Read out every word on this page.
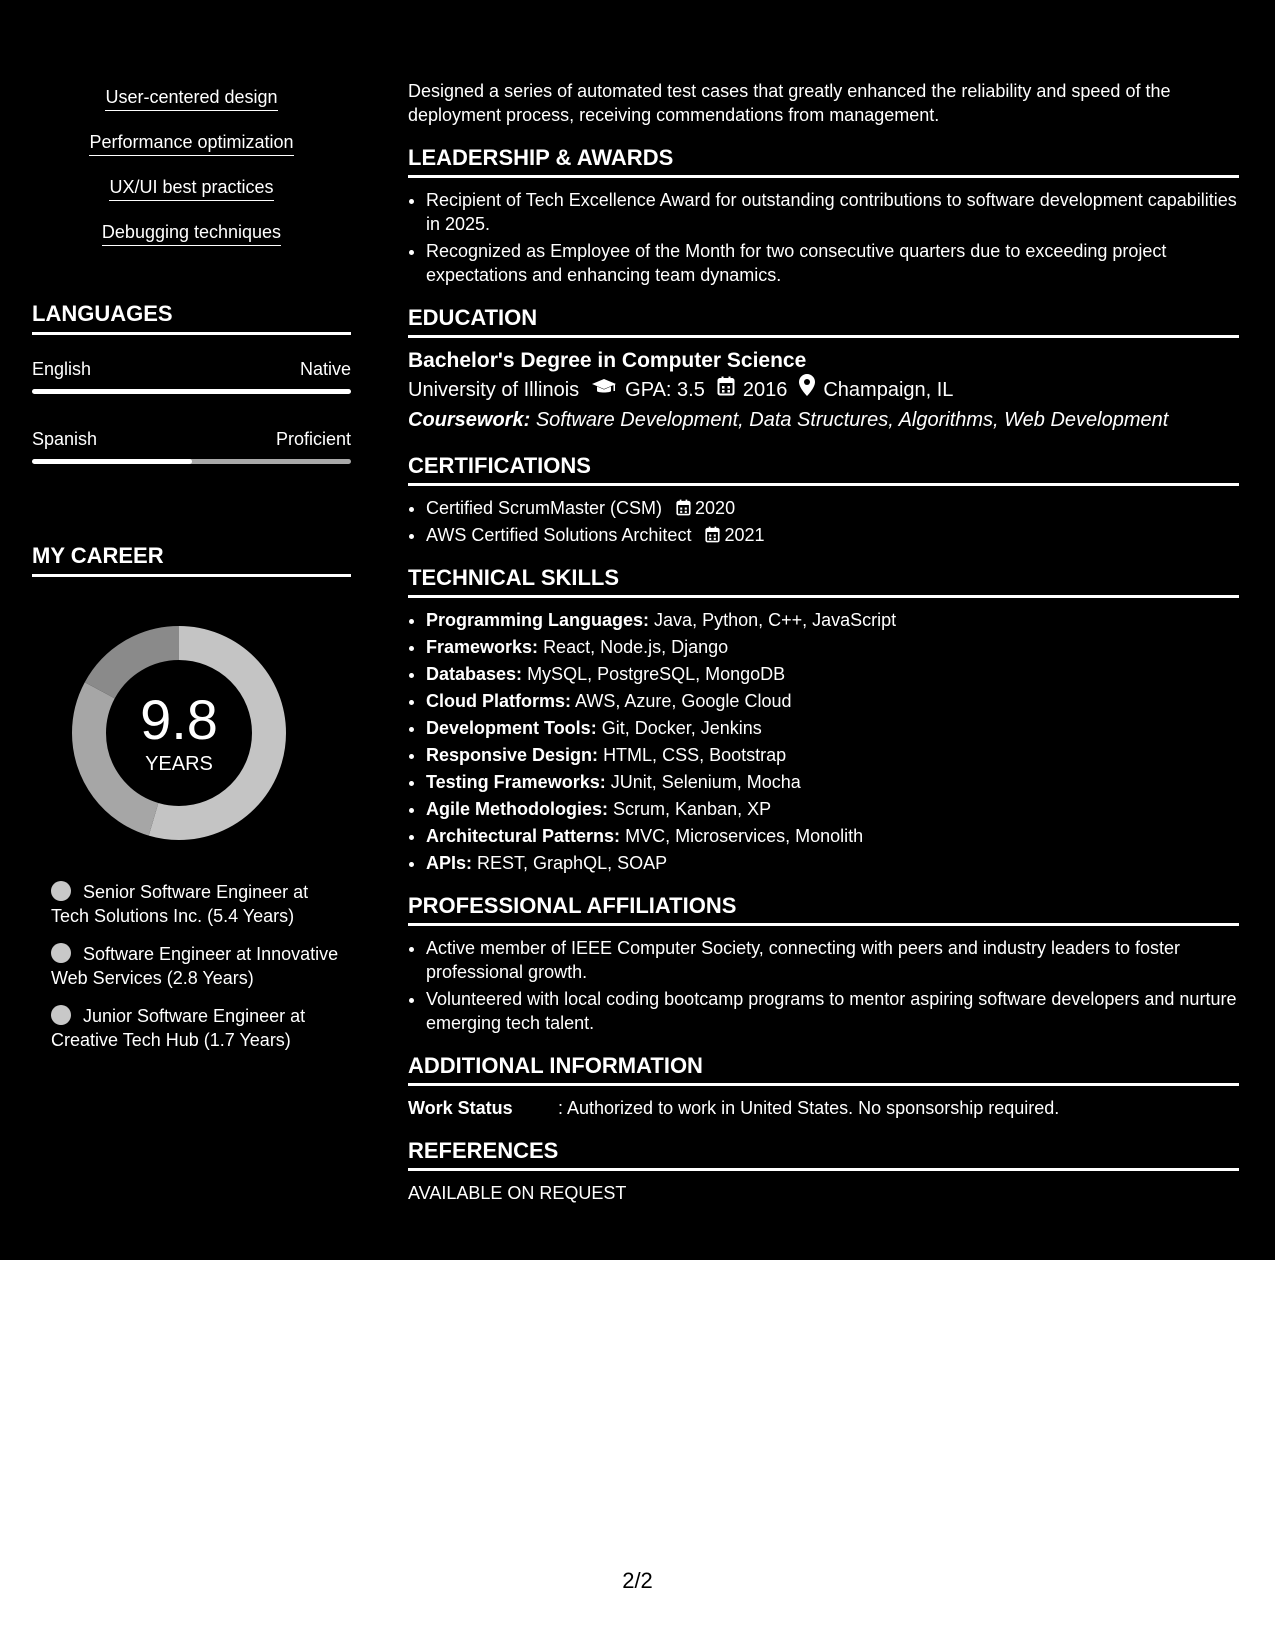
User-centered design
Performance optimization
UX/UI best practices
Debugging techniques
LANGUAGES
English	Native
Spanish	Proficient
MY CAREER
9.8
YEARS
Senior Software Engineer at Tech Solutions Inc. (5.4 Years)
Software Engineer at Innovative Web Services (2.8 Years)
Junior Software Engineer at Creative Tech Hub (1.7 Years)
Designed a series of automated test cases that greatly enhanced the reliability and speed of the deployment process, receiving commendations from management.
LEADERSHIP & AWARDS
• Recipient of Tech Excellence Award for outstanding contributions to software development capabilities in 2025.
• Recognized as Employee of the Month for two consecutive quarters due to exceeding project expectations and enhancing team dynamics.
EDUCATION
Bachelor's Degree in Computer Science
University of Illinois GPA: 3.5 2016 Champaign, IL
Coursework: Software Development, Data Structures, Algorithms, Web Development
CERTIFICATIONS
• Certified ScrumMaster (CSM) 2020
• AWS Certified Solutions Architect 2021
TECHNICAL SKILLS
• Programming Languages: Java, Python, C++, JavaScript
• Frameworks: React, Node.js, Django
• Databases: MySQL, PostgreSQL, MongoDB
• Cloud Platforms: AWS, Azure, Google Cloud
• Development Tools: Git, Docker, Jenkins
• Responsive Design: HTML, CSS, Bootstrap
• Testing Frameworks: JUnit, Selenium, Mocha
• Agile Methodologies: Scrum, Kanban, XP
• Architectural Patterns: MVC, Microservices, Monolith
• APIs: REST, GraphQL, SOAP
PROFESSIONAL AFFILIATIONS
• Active member of IEEE Computer Society, connecting with peers and industry leaders to foster professional growth.
• Volunteered with local coding bootcamp programs to mentor aspiring software developers and nurture emerging tech talent.
ADDITIONAL INFORMATION
Work Status	: Authorized to work in United States. No sponsorship required.
REFERENCES
AVAILABLE ON REQUEST
2/2
